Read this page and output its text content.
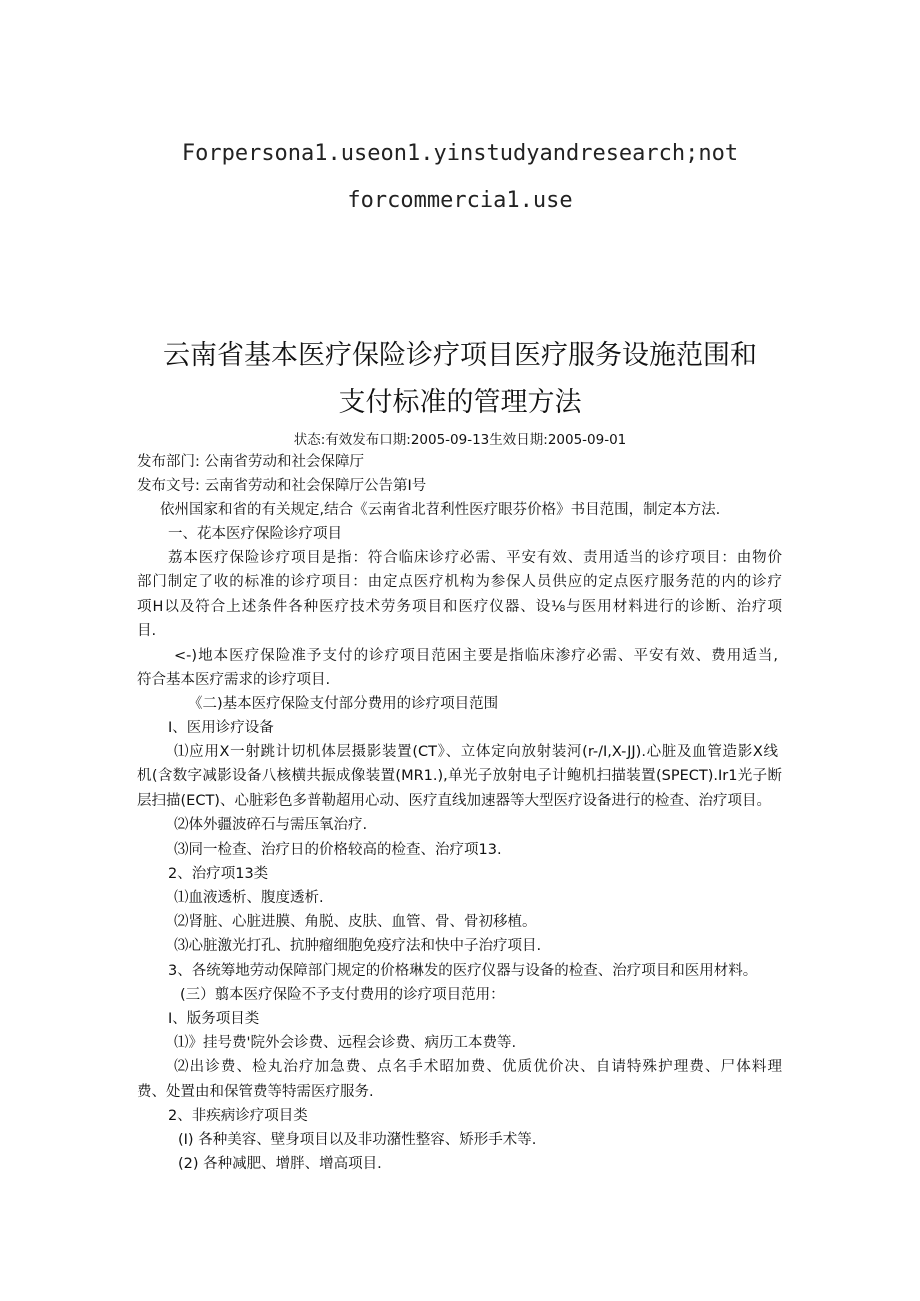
Forpersona1.useon1.yinstudyandresearch;not
forcommercia1.use
云南省基本医疗保险诊疗项目医疗服务设施范围和
支付标准的管理方法
状态:有效发布口期:2005-09-13生效日期:2005-09-01
发布部门: 公南省劳动和社会保障厅
发布文号: 云南省劳动和社会保障厅公告第I号
依州国家和省的有关规定,结合《云南省北苕利性医疗眼芬价格》书目范围，制定本方法.
一、花本医疗保险诊疗项目
荔本医疗保险诊疗项目是指：符合临床诊疗必需、平安有效、责用适当的诊疗项目：由物价
部门制定了收的标准的诊疗项目：由定点医疗机构为参保人员供应的定点医疗服务范的内的诊疗
项H以及符合上述条件各种医疗技术劳务项目和医疗仪器、设⅛与医用材料进行的诊断、治疗项
目.
<-)地本医疗保险准予支付的诊疗项目范困主要是指临床渗疗必需、平安有效、费用适当,
符合基本医疗需求的诊疗项目.
《二)基本医疗保险支付部分费用的诊疗项目范围
I、医用诊疗设备
⑴应用X一射跳计切机体层摄影装置(CT》、立体定向放射装河(r-/I,X-JJ).心脏及血管造影X线
机(含数字减影设备八核横共振成像装置(MR1.),单光子放射电子计鲍机扫描装置(SPECT).Ir1光子断
层扫描(ECT)、心脏彩色多普勒超用心动、医疗直线加速器等大型医疗设备进行的检查、治疗项目。
⑵体外疆波碎石与需压氧治疗.
⑶同一检查、治疗日的价格较高的检查、治疗项13.
2、治疗项13类
⑴血液透析、腹度透析.
⑵肾脏、心脏进膜、角脱、皮肤、血管、骨、骨初移植。
⑶心脏激光打孔、抗肿瘤细胞免疫疗法和快中子治疗项目.
3、各统筹地劳动保障部门规定的价格琳发的医疗仪器与设备的检查、治疗项目和医用材料。
(三）翦本医疗保险不予支付费用的诊疗项目范用：
I、版务项目类
⑴》挂号费'院外会诊费、远程会诊费、病历工本费等.
⑵出诊费、检丸治疗加急费、点名手术昭加费、优质优价决、自请特殊护理费、尸体料理
费、处置由和保管费等特需医疗服务.
2、非疾病诊疗项目类
(I) 各种美容、壁身项目以及非功潴性整容、矫形手术等.
(2) 各种减肥、增胖、增高项目.
